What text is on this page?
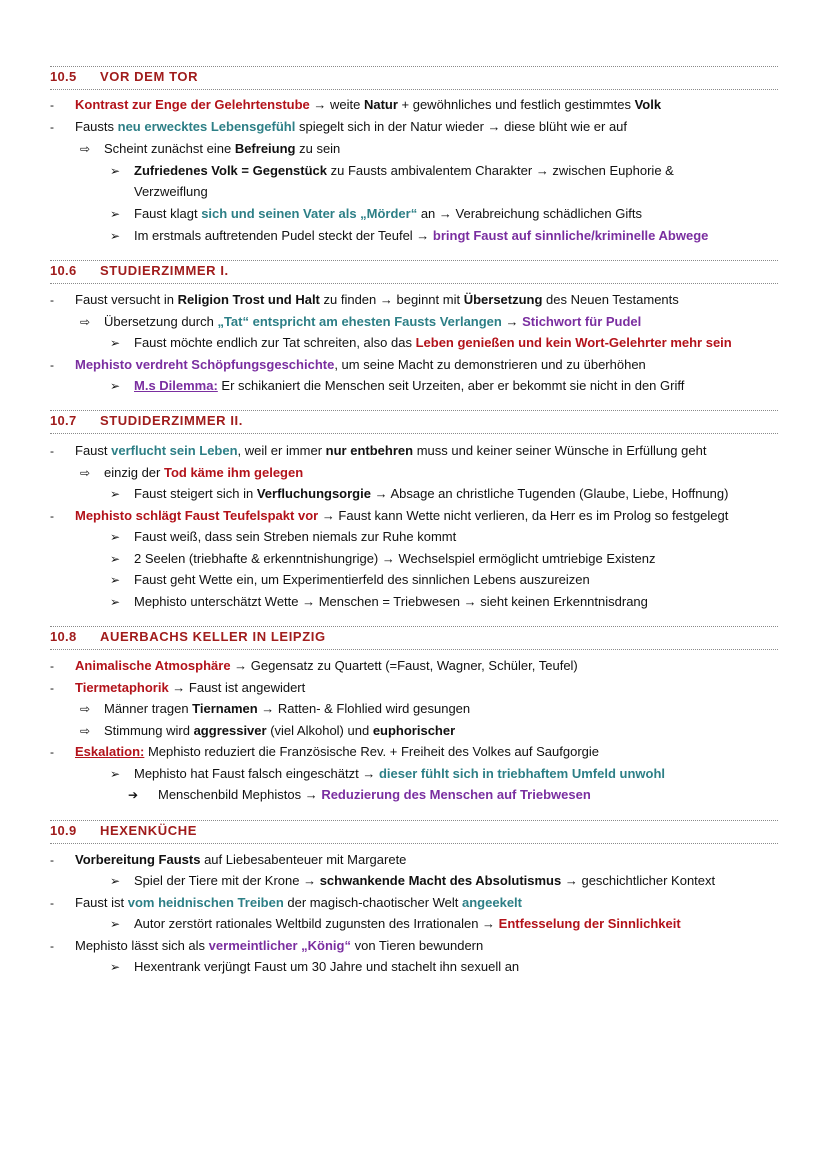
10.5 VOR DEM TOR
- Kontrast zur Enge der Gelehrtenstube → weite Natur + gewöhnliches und festlich gestimmtes Volk
- Fausts neu erwecktes Lebensgefühl spiegelt sich in der Natur wieder → diese blüht wie er auf
⇨ Scheint zunächst eine Befreiung zu sein
➢ Zufriedenes Volk = Gegenstück zu Fausts ambivalentem Charakter → zwischen Euphorie &
Verzweiflung
➢ Faust klagt sich und seinen Vater als „Mörder“ an → Verabreichung schädlichen Gifts
➢ Im erstmals auftretenden Pudel steckt der Teufel → bringt Faust auf sinnliche/kriminelle Abwege
10.6 STUDIERZIMMER I.
- Faust versucht in Religion Trost und Halt zu finden → beginnt mit Übersetzung des Neuen Testaments
⇨ Übersetzung durch „Tat“ entspricht am ehesten Fausts Verlangen → Stichwort für Pudel
➢ Faust möchte endlich zur Tat schreiten, also das Leben genießen und kein Wort-Gelehrter mehr sein
- Mephisto verdreht Schöpfungsgeschichte, um seine Macht zu demonstrieren und zu überhöhen
➢ M.s Dilemma: Er schikaniert die Menschen seit Urzeiten, aber er bekommt sie nicht in den Griff
10.7 STUDIDERZIMMER II.
- Faust verflucht sein Leben, weil er immer nur entbehren muss und keiner seiner Wünsche in Erfüllung geht
⇨ einzig der Tod käme ihm gelegen
➢ Faust steigert sich in Verfluchungsorgie → Absage an christliche Tugenden (Glaube, Liebe, Hoffnung)
- Mephisto schlägt Faust Teufelspakt vor → Faust kann Wette nicht verlieren, da Herr es im Prolog so festgelegt
➢ Faust weiß, dass sein Streben niemals zur Ruhe kommt
➢ 2 Seelen (triebhafte & erkenntnishungrige) → Wechselspiel ermöglicht umtriebige Existenz
➢ Faust geht Wette ein, um Experimentierfeld des sinnlichen Lebens auszureizen
➢ Mephisto unterschätzt Wette → Menschen = Triebwesen → sieht keinen Erkenntnisdrang
10.8 AUERBACHS KELLER IN LEIPZIG
- Animalische Atmosphäre → Gegensatz zu Quartett (=Faust, Wagner, Schüler, Teufel)
- Tiermetaphorik → Faust ist angewidert
⇨ Männer tragen Tiernamen → Ratten- & Flohlied wird gesungen
⇨ Stimmung wird aggressiver (viel Alkohol) und euphorischer
- Eskalation: Mephisto reduziert die Französische Rev. + Freiheit des Volkes auf Saufgorgie
➢ Mephisto hat Faust falsch eingeschätzt → dieser fühlt sich in triebhaftem Umfeld unwohl
➔ Menschenbild Mephistos → Reduzierung des Menschen auf Triebwesen
10.9 HEXENKÜCHE
- Vorbereitung Fausts auf Liebesabenteuer mit Margarete
➢ Spiel der Tiere mit der Krone → schwankende Macht des Absolutismus → geschichtlicher Kontext
- Faust ist vom heidnischen Treiben der magisch-chaotischer Welt angeekelt
➢ Autor zerstört rationales Weltbild zugunsten des Irrationalen → Entfesselung der Sinnlichkeit
- Mephisto lässt sich als vermeintlicher „König“ von Tieren bewundern
➢ Hexentrank verjüngt Faust um 30 Jahre und stachelt ihn sexuell an
